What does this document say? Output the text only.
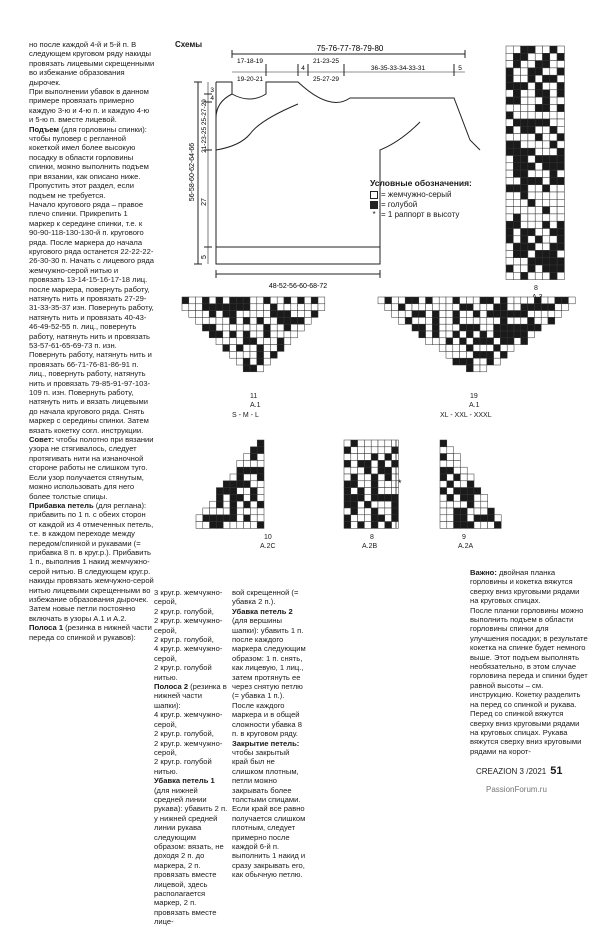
но после каждой 4-й и 5-й п. В следующем круговом ряду накиды провязать лицевыми скрещенными во избежание образования дырочек.

При выполнении убавок в данном примере провязать примерно каждую 3-ю и 4-ю п. и каждую 4-ю и 5-ю п. вместе лицевой.

Подъем (для горловины спинки): чтобы пуловер с регланной кокеткой имел более высокую посадку в области горловины спинки, можно выполнить подъем при вязании, как описано ниже. Пропустить этот раздел, если подъем не требуется.

Начало кругового ряда – правое плечо спинки. Прикрепить 1 маркер к середине спинки, т.е. к 90-90-118-130-130-й п. кругового ряда. После маркера до начала кругового ряда останется 22-22-22-26-30-30 п. Начать с лицевого ряда жемчужно-серой нитью и провязать 13-14-15-16-17-18 лиц. после маркера, повернуть работу, натянуть нить и провязать 27-29-31-33-35-37 изн. Повернуть работу, натянуть нить и провязать 40-43-46-49-52-55 п. лиц., повернуть работу, натянуть нить и провязать 53-57-61-65-69-73 п. изн. Повернуть работу, натянуть нить и провязать 66-71-76-81-86-91 п. лиц., повернуть работу, натянуть нить и провязать 79-85-91-97-103-109 п. изн. Повернуть работу, натянуть нить и вязать лицевыми до начала кругового ряда. Снять маркер с середины спинки. Затем вязать кокетку согл. инструкции.

Совет: чтобы полотно при вязании узора не стягивалось, следует протягивать нити на изнаночной стороне работы не слишком туго. Если узор получается стянутым, можно использовать для него более толстые спицы.

Прибавка петель (для реглана): прибавить по 1 п. с обеих сторон от каждой из 4 отмеченных петель, т.е. в каждом переходе между передом/спинкой и рукавами (= прибавка 8 п. в круг.р.). Прибавить 1 п., выполнив 1 накид жемчужно-серой нитью. В следующем круг.р. накиды провязать жемчужно-серой нитью лицевыми скрещенными во избежание образования дырочек. Затем новые петли постоянно включать в узоры А.1 и А.2.

Полоса 1 (резинка в нижней части переда со спинкой и рукавов):

Схемы	75-76-77-78-79-80
17-18-19
19-20-21
4
21-23-25
25-27-29
36-35-33-34-33-31	5
3
4
21-23-25 25-27-29
56-58-60-62-64-66
27
5
48-52-56-60-68-72
Условные обозначения:
= жемчужно-серый
= голубой
* = 1 раппорт в высоту
8
11
A.1
S - M - L
19
A.1
XL - XXL - XXXL
10
A.2C
*
8
A.2B
9
A.2A

3 круг.р. жемчужно-серой,

2 круг.р. голубой,

2 круг.р. жемчужно-серой,

2 круг.р. голубой,

4 круг.р. жемчужно-серой,

2 круг.р. голубой нитью.

Полоса 2 (резинка в нижней части шапки):

4 круг.р. жемчужно-серой,

2 круг.р. голубой,

2 круг.р. жемчужно-серой,

2 круг.р. голубой нитью.

Убавка петель 1 (для нижней средней линии рукава): убавить 2 п. у нижней средней линии рукава следующим образом: вязать, не доходя 2 п. до маркера, 2 п. провязать вместе лицевой, здесь располагается маркер, 2 п. провязать вместе лице-

вой скрещенной (= убавка 2 п.).

Убавка петель 2 (для вершины шапки): убавить 1 п. после каждого маркера следующим образом: 1 п. снять, как лицевую, 1 лиц., затем протянуть ее через снятую петлю (= убавка 1 п.). После каждого маркера и в общей сложности убавка 8 п. в круговом ряду.

Закрытие петель: чтобы закрытый край был не слишком плотным, петли можно закрывать более толстыми спицами. Если край все равно получается слишком плотным, следует примерно после каждой 6-й п. выполнить 1 накид и сразу закрывать его, как обычную петлю.

Важно: двойная планка горловины и кокетка вяжутся сверху вниз круговыми рядами на круговых спицах.

После планки горловины можно выполнить подъем в области горловины спинки для улучшения посадки; в результате кокетка на спинке будет немного выше. Этот подъем выполнять необязательно, в этом случае горловина переда и спинки будет равной высоты – см. инструкцию. Кокетку разделить на перед со спинкой и рукава. Перед со спинкой вяжутся сверху вниз круговыми рядами на круговых спицах. Рукава вяжутся сверху вниз круговыми рядами на корот-

CREAZION 3 /2021 51
PassionForum.ru
